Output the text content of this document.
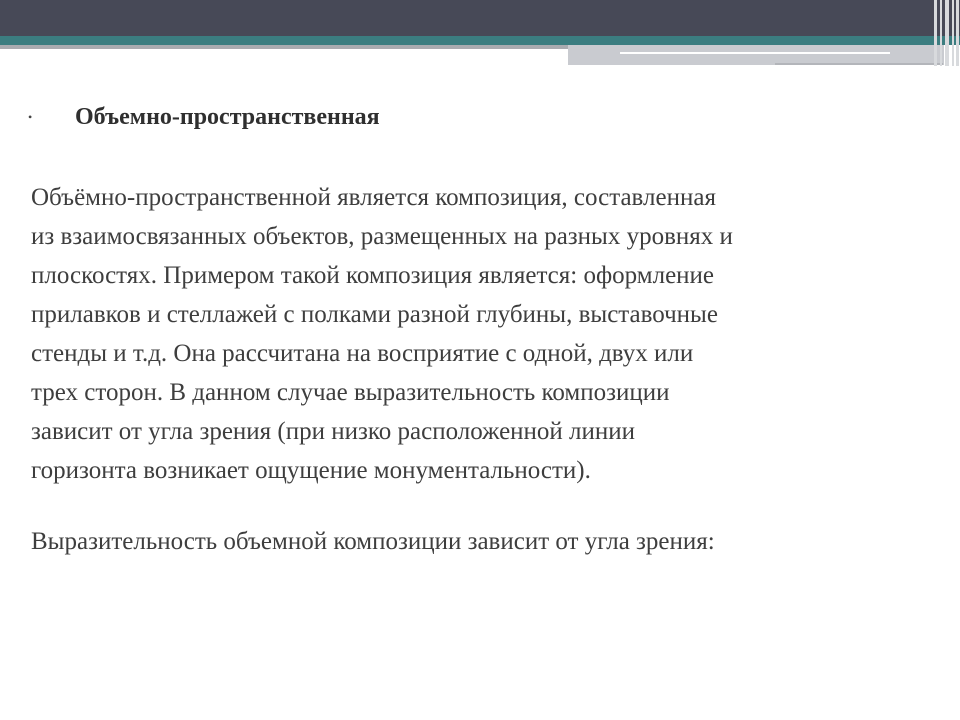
•	Объемно-пространственная
Объёмно-пространственной является композиция, составленная
из взаимосвязанных объектов, размещенных на разных уровнях и
плоскостях. Примером такой композиция является: оформление
прилавков и стеллажей с полками разной глубины, выставочные
стенды и т.д. Она рассчитана на восприятие с одной, двух или
трех сторон. В данном случае выразительность композиции
зависит от угла зрения (при низко расположенной линии
горизонта возникает ощущение монументальности).
Выразительность объемной композиции зависит от угла зрения:
